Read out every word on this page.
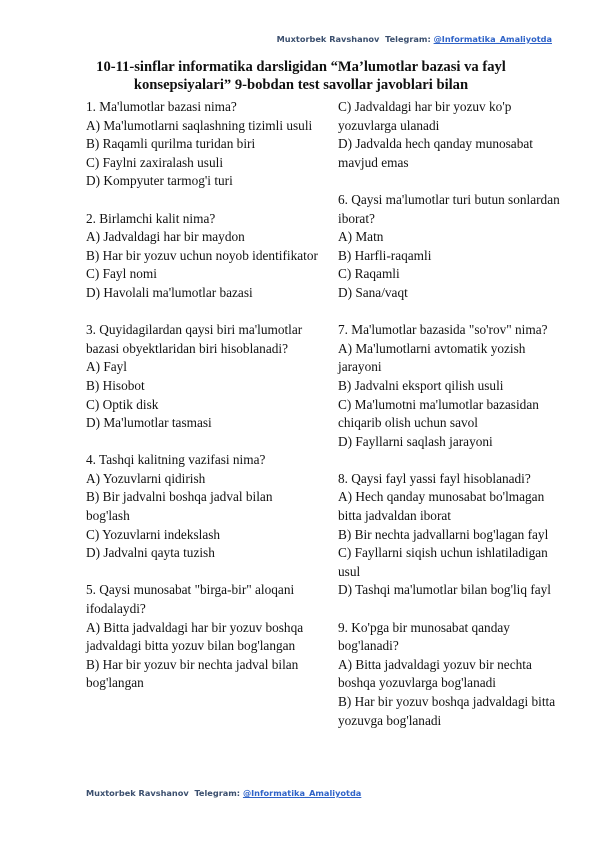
Muxtorbek Ravshanov Telegram: @Informatika_Amaliyotda
10-11-sinflar informatika darsligidan “Ma’lumotlar bazasi va fayl
konsepsiyalari” 9-bobdan test savollar javoblari bilan
1. Ma'lumotlar bazasi nima?
A) Ma'lumotlarni saqlashning tizimli usuli
B) Raqamli qurilma turidan biri
C) Faylni zaxiralash usuli
D) Kompyuter tarmog'i turi
2. Birlamchi kalit nima?
A) Jadvaldagi har bir maydon
B) Har bir yozuv uchun noyob identifikator
C) Fayl nomi
D) Havolali ma'lumotlar bazasi
3. Quyidagilardan qaysi biri ma'lumotlar bazasi obyektlaridan biri hisoblanadi?
A) Fayl
B) Hisobot
C) Optik disk
D) Ma'lumotlar tasmasi
4. Tashqi kalitning vazifasi nima?
A) Yozuvlarni qidirish
B) Bir jadvalni boshqa jadval bilan bog'lash
C) Yozuvlarni indekslash
D) Jadvalni qayta tuzish
5. Qaysi munosabat "birga-bir" aloqani ifodalaydi?
A) Bitta jadvaldagi har bir yozuv boshqa jadvaldagi bitta yozuv bilan bog'langan
B) Har bir yozuv bir nechta jadval bilan bog'langan
C) Jadvaldagi har bir yozuv ko'p yozuvlarga ulanadi
D) Jadvalda hech qanday munosabat mavjud emas
6. Qaysi ma'lumotlar turi butun sonlardan iborat?
A) Matn
B) Harfli-raqamli
C) Raqamli
D) Sana/vaqt
7. Ma'lumotlar bazasida "so'rov" nima?
A) Ma'lumotlarni avtomatik yozish jarayoni
B) Jadvalni eksport qilish usuli
C) Ma'lumotni ma'lumotlar bazasidan chiqarib olish uchun savol
D) Fayllarni saqlash jarayoni
8. Qaysi fayl yassi fayl hisoblanadi?
A) Hech qanday munosabat bo'lmagan bitta jadvaldan iborat
B) Bir nechta jadvallarni bog'lagan fayl
C) Fayllarni siqish uchun ishlatiladigan usul
D) Tashqi ma'lumotlar bilan bog'liq fayl
9. Ko'pga bir munosabat qanday bog'lanadi?
A) Bitta jadvaldagi yozuv bir nechta boshqa yozuvlarga bog'lanadi
B) Har bir yozuv boshqa jadvaldagi bitta yozuvga bog'lanadi
Muxtorbek Ravshanov Telegram: @Informatika_Amaliyotda
